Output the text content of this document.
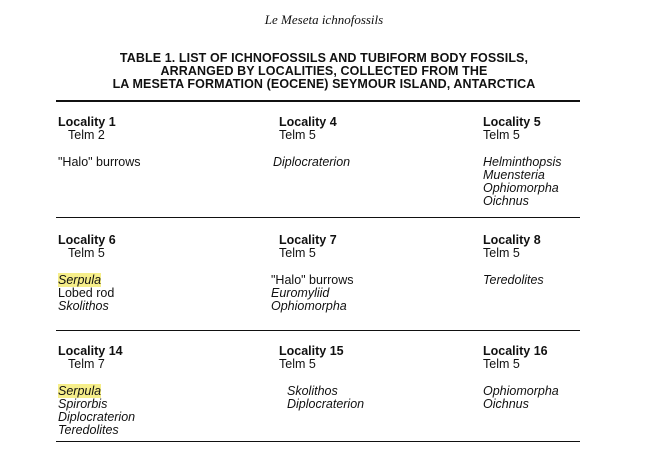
Le Meseta ichnofossils
TABLE 1. LIST OF ICHNOFOSSILS AND TUBIFORM BODY FOSSILS,
ARRANGED BY LOCALITIES, COLLECTED FROM THE
LA MESETA FORMATION (EOCENE) SEYMOUR ISLAND, ANTARCTICA
Locality 1
Telm 2
"Halo" burrows
Locality 4
Telm 5
Diplocraterion
Locality 5
Telm 5
Helminthopsis
Muensteria
Ophiomorpha
Oichnus
Locality 6
Telm 5
Serpula
Lobed rod
Skolithos
Locality 7
Telm 5
"Halo" burrows
Euromyliid
Ophiomorpha
Locality 8
Telm 5
Teredolites
Locality 14
Telm 7
Serpula
Spirorbis
Diplocraterion
Teredolites
Locality 15
Telm 5
Skolithos
Diplocraterion
Locality 16
Telm 5
Ophiomorpha
Oichnus
